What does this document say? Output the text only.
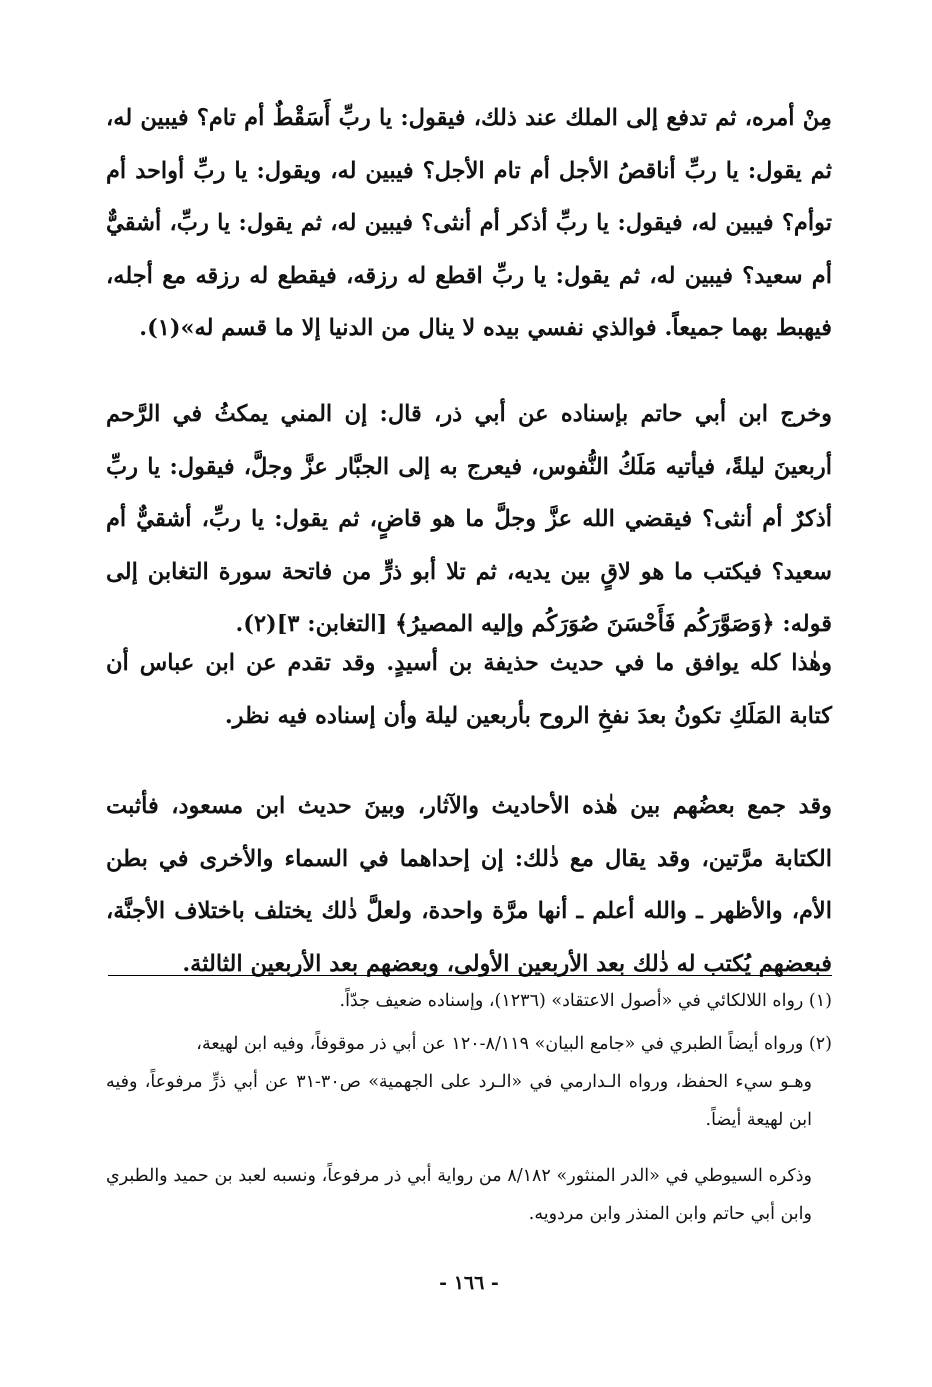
مِنْ أمره، ثم تدفع إلى الملك عند ذلك، فيقول: يا ربِّ أَسَقْطٌ أم تام؟ فيبين له، ثم يقول: يا ربِّ أناقصُ الأجل أم تام الأجل؟ فيبين له، ويقول: يا ربِّ أواحد أم توأم؟ فيبين له، فيقول: يا ربِّ أذكر أم أنثى؟ فيبين له، ثم يقول: يا ربِّ، أشقيٌّ أم سعيد؟ فيبين له، ثم يقول: يا ربِّ اقطع له رزقه، فيقطع له رزقه مع أجله، فيهبط بهما جميعاً. فوالذي نفسي بيده لا ينال من الدنيا إلا ما قسم له»(١).

وخرج ابن أبي حاتم بإسناده عن أبي ذر، قال: إن المني يمكثُ في الرَّحم أربعينَ ليلةً، فيأتيه مَلَكُ النُّفوس، فيعرج به إلى الجبَّار عزَّ وجلَّ، فيقول: يا ربِّ أذكرٌ أم أنثى؟ فيقضي الله عزَّ وجلَّ ما هو قاضٍ، ثم يقول: يا ربِّ، أشقيٌّ أم سعيد؟ فيكتب ما هو لاقٍ بين يديه، ثم تلا أبو ذرٍّ من فاتحة سورة التغابن إلى قوله: ﴿وَصَوَّرَكُم فَأَحْسَنَ صُوَرَكُم وإليه المصيرُ﴾ [التغابن: ٣](٢).

وهٰذا كله يوافق ما في حديث حذيفة بن أسيدٍ. وقد تقدم عن ابن عباس أن كتابة المَلَكِ تكونُ بعدَ نفخِ الروح بأربعين ليلة وأن إسناده فيه نظر.

وقد جمع بعضُهم بين هٰذه الأحاديث والآثار، وبينَ حديث ابن مسعود، فأثبت الكتابة مرَّتين، وقد يقال مع ذٰلك: إن إحداهما في السماء والأخرى في بطن الأم، والأظهر ـ والله أعلم ـ أنها مرَّة واحدة، ولعلَّ ذٰلك يختلف باختلاف الأجنَّة، فبعضهم يُكتب له ذٰلك بعد الأربعين الأولى، وبعضهم بعد الأربعين الثالثة.

(١) رواه اللالكائي في «أصول الاعتقاد» (١٢٣٦)، وإسناده ضعيف جدّاً.

(٢) ورواه أيضاً الطبري في «جامع البيان» ٨/١١٩-١٢٠ عن أبي ذر موقوفاً، وفيه ابن لهيعة،
وهـو سيء الحفظ، ورواه الـدارمي في «الـرد على الجهمية» ص٣٠-٣١ عن أبي ذرٍّ مرفوعاً، وفيه ابن لهيعة أيضاً.

وذكره السيوطي في «الدر المنثور» ٨/١٨٢ من رواية أبي ذر مرفوعاً، ونسبه لعبد بن حميد والطبري وابن أبي حاتم وابن المنذر وابن مردويه.

- ١٦٦ -
